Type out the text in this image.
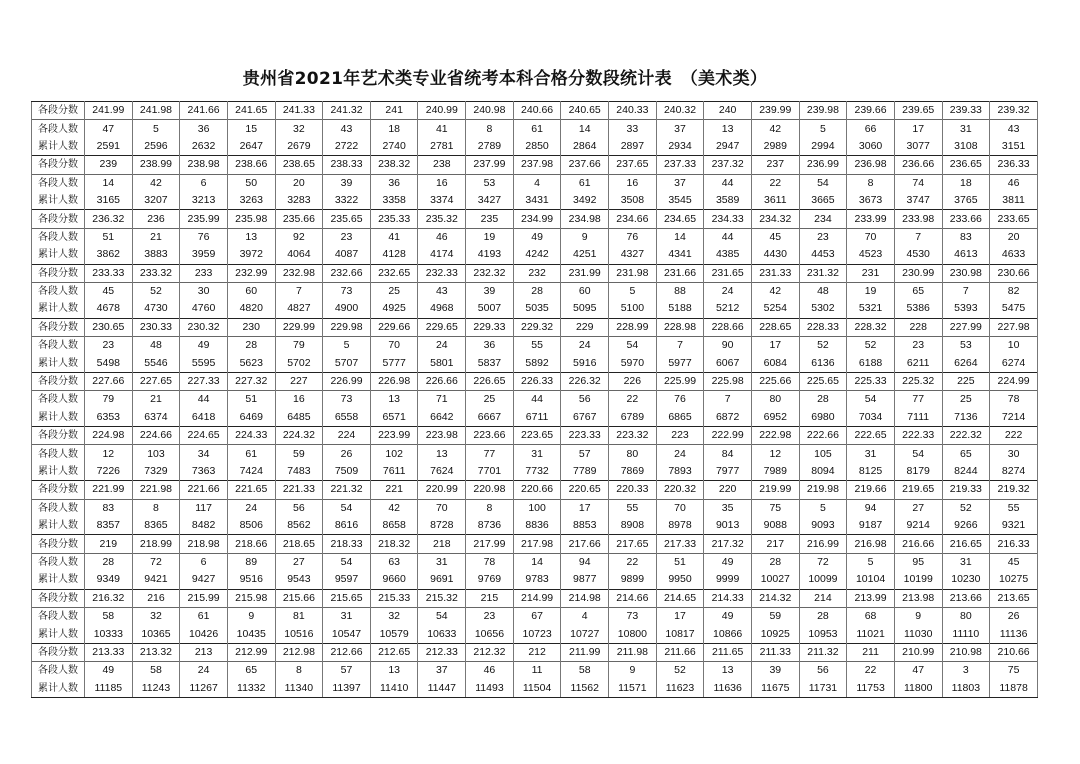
贵州省2021年艺术类专业省统考本科合格分数段统计表　（美术类）
各段分数	241.99	241.98	241.66	241.65	241.33	241.32	241	240.99	240.98	240.66	240.65	240.33	240.32	240	239.99	239.98	239.66	239.65	239.33	239.32
各段人数	47	5	36	15	32	43	18	41	8	61	14	33	37	13	42	5	66	17	31	43
累计人数	2591	2596	2632	2647	2679	2722	2740	2781	2789	2850	2864	2897	2934	2947	2989	2994	3060	3077	3108	3151
各段分数	239	238.99	238.98	238.66	238.65	238.33	238.32	238	237.99	237.98	237.66	237.65	237.33	237.32	237	236.99	236.98	236.66	236.65	236.33
各段人数	14	42	6	50	20	39	36	16	53	4	61	16	37	44	22	54	8	74	18	46
累计人数	3165	3207	3213	3263	3283	3322	3358	3374	3427	3431	3492	3508	3545	3589	3611	3665	3673	3747	3765	3811
各段分数	236.32	236	235.99	235.98	235.66	235.65	235.33	235.32	235	234.99	234.98	234.66	234.65	234.33	234.32	234	233.99	233.98	233.66	233.65
各段人数	51	21	76	13	92	23	41	46	19	49	9	76	14	44	45	23	70	7	83	20
累计人数	3862	3883	3959	3972	4064	4087	4128	4174	4193	4242	4251	4327	4341	4385	4430	4453	4523	4530	4613	4633
各段分数	233.33	233.32	233	232.99	232.98	232.66	232.65	232.33	232.32	232	231.99	231.98	231.66	231.65	231.33	231.32	231	230.99	230.98	230.66
各段人数	45	52	30	60	7	73	25	43	39	28	60	5	88	24	42	48	19	65	7	82
累计人数	4678	4730	4760	4820	4827	4900	4925	4968	5007	5035	5095	5100	5188	5212	5254	5302	5321	5386	5393	5475
各段分数	230.65	230.33	230.32	230	229.99	229.98	229.66	229.65	229.33	229.32	229	228.99	228.98	228.66	228.65	228.33	228.32	228	227.99	227.98
各段人数	23	48	49	28	79	5	70	24	36	55	24	54	7	90	17	52	52	23	53	10
累计人数	5498	5546	5595	5623	5702	5707	5777	5801	5837	5892	5916	5970	5977	6067	6084	6136	6188	6211	6264	6274
各段分数	227.66	227.65	227.33	227.32	227	226.99	226.98	226.66	226.65	226.33	226.32	226	225.99	225.98	225.66	225.65	225.33	225.32	225	224.99
各段人数	79	21	44	51	16	73	13	71	25	44	56	22	76	7	80	28	54	77	25	78
累计人数	6353	6374	6418	6469	6485	6558	6571	6642	6667	6711	6767	6789	6865	6872	6952	6980	7034	7111	7136	7214
各段分数	224.98	224.66	224.65	224.33	224.32	224	223.99	223.98	223.66	223.65	223.33	223.32	223	222.99	222.98	222.66	222.65	222.33	222.32	222
各段人数	12	103	34	61	59	26	102	13	77	31	57	80	24	84	12	105	31	54	65	30
累计人数	7226	7329	7363	7424	7483	7509	7611	7624	7701	7732	7789	7869	7893	7977	7989	8094	8125	8179	8244	8274
各段分数	221.99	221.98	221.66	221.65	221.33	221.32	221	220.99	220.98	220.66	220.65	220.33	220.32	220	219.99	219.98	219.66	219.65	219.33	219.32
各段人数	83	8	117	24	56	54	42	70	8	100	17	55	70	35	75	5	94	27	52	55
累计人数	8357	8365	8482	8506	8562	8616	8658	8728	8736	8836	8853	8908	8978	9013	9088	9093	9187	9214	9266	9321
各段分数	219	218.99	218.98	218.66	218.65	218.33	218.32	218	217.99	217.98	217.66	217.65	217.33	217.32	217	216.99	216.98	216.66	216.65	216.33
各段人数	28	72	6	89	27	54	63	31	78	14	94	22	51	49	28	72	5	95	31	45
累计人数	9349	9421	9427	9516	9543	9597	9660	9691	9769	9783	9877	9899	9950	9999	10027	10099	10104	10199	10230	10275
各段分数	216.32	216	215.99	215.98	215.66	215.65	215.33	215.32	215	214.99	214.98	214.66	214.65	214.33	214.32	214	213.99	213.98	213.66	213.65
各段人数	58	32	61	9	81	31	32	54	23	67	4	73	17	49	59	28	68	9	80	26
累计人数	10333	10365	10426	10435	10516	10547	10579	10633	10656	10723	10727	10800	10817	10866	10925	10953	11021	11030	11110	11136
各段分数	213.33	213.32	213	212.99	212.98	212.66	212.65	212.33	212.32	212	211.99	211.98	211.66	211.65	211.33	211.32	211	210.99	210.98	210.66
各段人数	49	58	24	65	8	57	13	37	46	11	58	9	52	13	39	56	22	47	3	75
累计人数	11185	11243	11267	11332	11340	11397	11410	11447	11493	11504	11562	11571	11623	11636	11675	11731	11753	11800	11803	11878
